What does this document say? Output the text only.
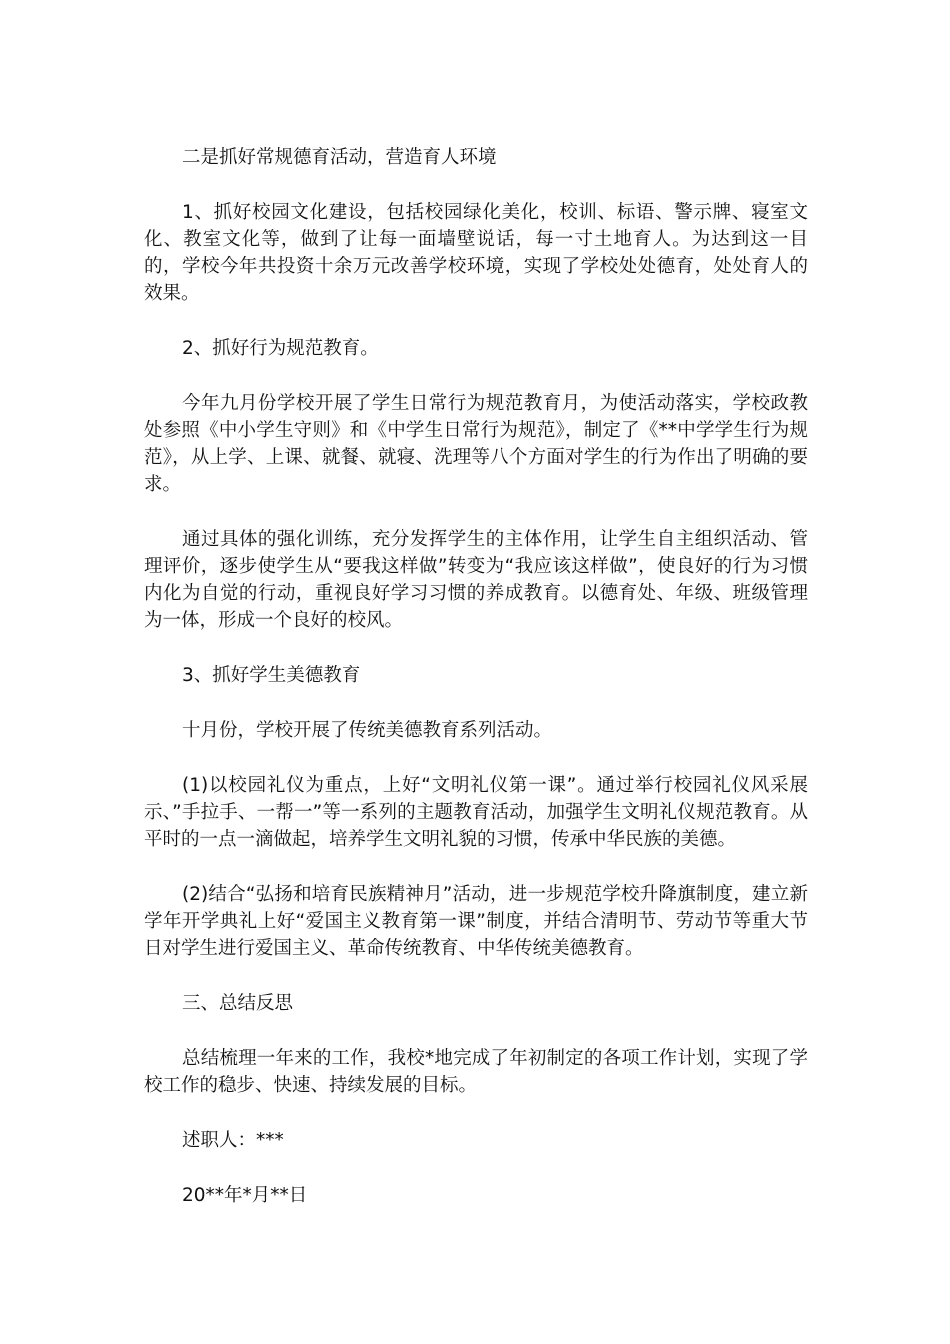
二是抓好常规德育活动，营造育人环境

1、抓好校园文化建设，包括校园绿化美化，校训、标语、警示牌、寝室文化、教室文化等，做到了让每一面墙壁说话，每一寸土地育人。为达到这一目的，学校今年共投资十余万元改善学校环境，实现了学校处处德育，处处育人的效果。

2、抓好行为规范教育。

今年九月份学校开展了学生日常行为规范教育月，为使活动落实，学校政教处参照《中小学生守则》和《中学生日常行为规范》，制定了《**中学学生行为规范》，从上学、上课、就餐、就寝、洗理等八个方面对学生的行为作出了明确的要求。

通过具体的强化训练，充分发挥学生的主体作用，让学生自主组织活动、管理评价，逐步使学生从“要我这样做”转变为“我应该这样做”，使良好的行为习惯内化为自觉的行动，重视良好学习习惯的养成教育。以德育处、年级、班级管理为一体，形成一个良好的校风。

3、抓好学生美德教育

十月份，学校开展了传统美德教育系列活动。

(1)以校园礼仪为重点，上好“文明礼仪第一课”。通过举行校园礼仪风采展示、”手拉手、一帮一”等一系列的主题教育活动，加强学生文明礼仪规范教育。从平时的一点一滴做起，培养学生文明礼貌的习惯，传承中华民族的美德。

(2)结合“弘扬和培育民族精神月”活动，进一步规范学校升降旗制度，建立新学年开学典礼上好“爱国主义教育第一课”制度，并结合清明节、劳动节等重大节日对学生进行爱国主义、革命传统教育、中华传统美德教育。

三、总结反思

总结梳理一年来的工作，我校*地完成了年初制定的各项工作计划，实现了学校工作的稳步、快速、持续发展的目标。

述职人：***

20**年*月**日
